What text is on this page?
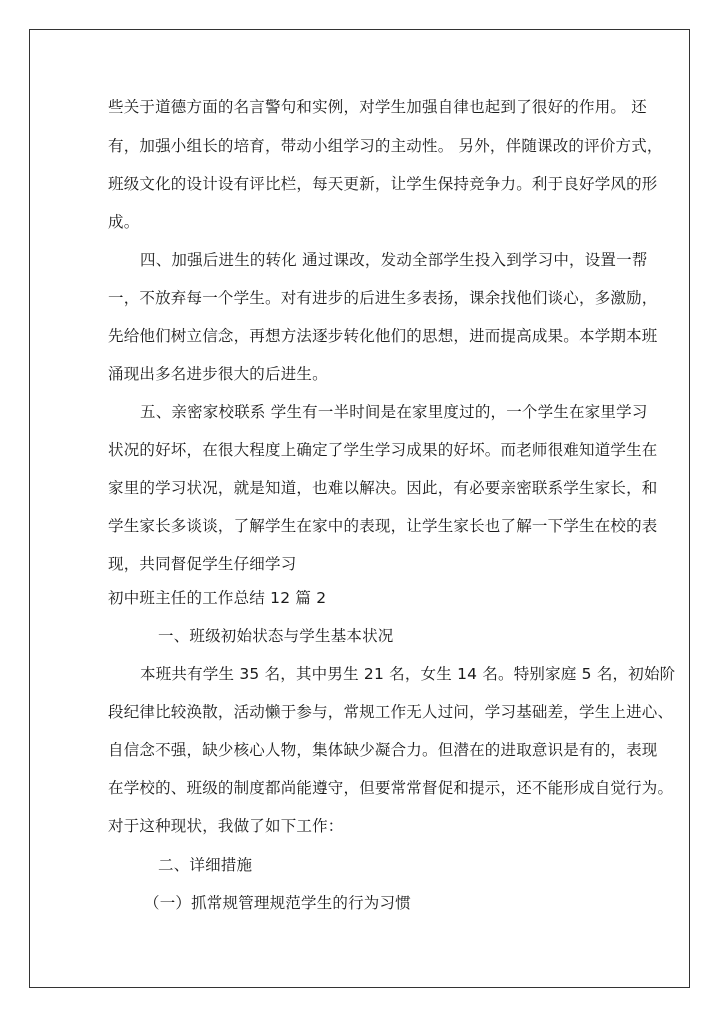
些关于道德方面的名言警句和实例，对学生加强自律也起到了很好的作用。 还
有，加强小组长的培育，带动小组学习的主动性。 另外，伴随课改的评价方式，
班级文化的设计设有评比栏，每天更新，让学生保持竞争力。利于良好学风的形
成。
四、加强后进生的转化 通过课改，发动全部学生投入到学习中，设置一帮
一，不放弃每一个学生。对有进步的后进生多表扬，课余找他们谈心，多激励，
先给他们树立信念，再想方法逐步转化他们的思想，进而提高成果。本学期本班
涌现出多名进步很大的后进生。
五、亲密家校联系 学生有一半时间是在家里度过的，一个学生在家里学习
状况的好坏，在很大程度上确定了学生学习成果的好坏。而老师很难知道学生在
家里的学习状况，就是知道，也难以解决。因此，有必要亲密联系学生家长，和
学生家长多谈谈，了解学生在家中的表现，让学生家长也了解一下学生在校的表
现，共同督促学生仔细学习
初中班主任的工作总结 12 篇 2
一、班级初始状态与学生基本状况
本班共有学生 35 名，其中男生 21 名，女生 14 名。特别家庭 5 名，初始阶
段纪律比较涣散，活动懒于参与，常规工作无人过问，学习基础差，学生上进心、
自信念不强，缺少核心人物，集体缺少凝合力。但潜在的进取意识是有的，表现
在学校的、班级的制度都尚能遵守，但要常常督促和提示，还不能形成自觉行为。
对于这种现状，我做了如下工作：
二、详细措施
（一）抓常规管理规范学生的行为习惯
